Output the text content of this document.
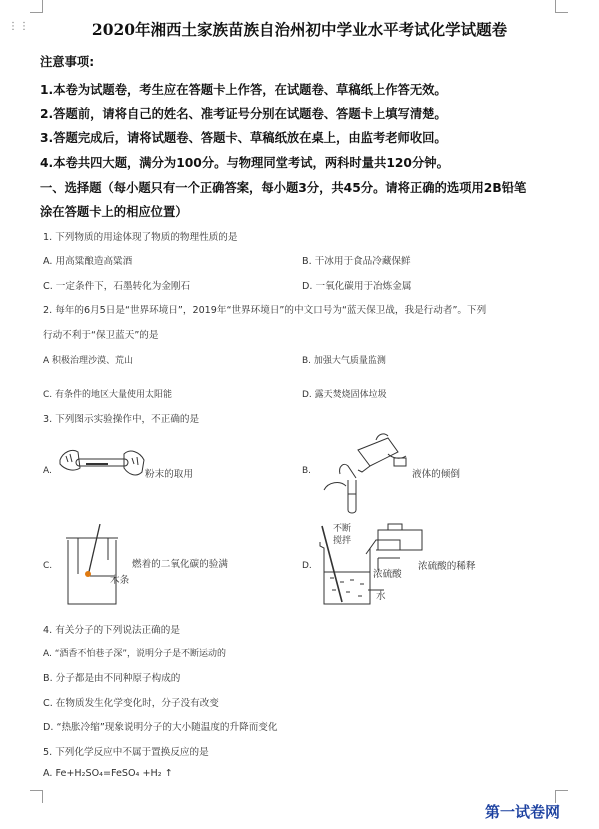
⋮⋮	2020年湘西土家族苗族自治州初中学业水平考试化学试题卷
注意事项:
1.本卷为试题卷，考生应在答题卡上作答，在试题卷、草稿纸上作答无效。
2.答题前，请将自己的姓名、准考证号分别在试题卷、答题卡上填写清楚。
3.答题完成后，请将试题卷、答题卡、草稿纸放在桌上，由监考老师收回。
4.本卷共四大题，满分为100分。与物理同堂考试，两科时量共120分钟。
一、选择题（每小题只有一个正确答案，每小题3分，共45分。请将正确的选项用2B铅笔
涂在答题卡上的相应位置）
1. 下列物质的用途体现了物质的物理性质的是
A. 用高粱酿造高粱酒	B. 干冰用于食品冷藏保鲜
C. 一定条件下，石墨转化为金刚石	D. 一氧化碳用于冶炼金属
2. 每年的6月5日是“世界环境日”，2019年“世界环境日”的中文口号为“蓝天保卫战，我是行动者”。下列
行动不利于“保卫蓝天”的是
A 积极治理沙漠、荒山	B. 加强大气质量监测
C. 有条件的地区大量使用太阳能	D. 露天焚烧固体垃圾
3. 下列图示实验操作中，不正确的是
A.	粉末的取用	B.	液体的倾倒
C.	燃着的二氧化碳的验满
木条
D.
不断
搅拌
浓硫酸
水
浓硫酸的稀释
4. 有关分子的下列说法正确的是
A. “酒香不怕巷子深”，说明分子是不断运动的
B. 分子都是由不同种原子构成的
C. 在物质发生化学变化时，分子没有改变
D. “热胀冷缩”现象说明分子的大小随温度的升降而变化
5. 下列化学反应中不属于置换反应的是
A. Fe+H₂SO₄=FeSO₄ +H₂ ↑
第一试卷网
